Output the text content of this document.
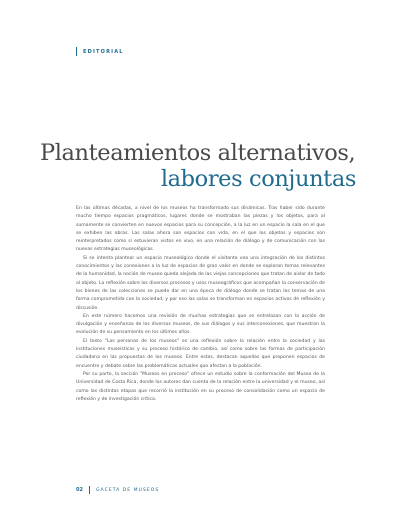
EDITORIAL
Planteamientos alternativos,
labores conjuntas

En las últimas décadas, a nivel de los museos ha transformado sus dinámicas. Tras haber sido durante mucho tiempo espacios pragmáticos, lugares donde se mostraban las piezas y los objetos, para al sumamente se convierten en nuevos espacios para su concepción, a la luz en un espacio la sala en el que se exhiben las obras. Las salas ahora son espacios con vida, en el que los objetos y espacios son reinterpretados como si estuvieran vistos en vivo, en una relación de diálogo y de comunicación con las nuevas estrategias museológicas.

Si se intenta plantear un espacio museológico donde el visitante vea una integración de los distintos conocimientos y las conexiones a la luz de espacios de gran valor en donde se exploran temas relevantes de la humanidad, la noción de museo queda alejada de las viejas concepciones que tratan de aislar de todo al objeto. La reflexión sobre los diversos procesos y usos museográficos que acompañan la conservación de los bienes de las colecciones se puede dar en una época de diálogo donde se tratan los temas de una forma comprometida con la sociedad, y por eso las salas se transforman en espacios activos de reflexión y discusión.

En este número hacemos una revisión de muchas estrategias que se entrelazan con la acción de divulgación y enseñanza de los diversos museos, de sus diálogos y sus interconexiones, que muestran la evolución de su pensamiento en los últimos años.

El texto "Las personas de los museos" es una reflexión sobre la relación entre la sociedad y las instituciones museísticas y su proceso histórico de cambio, así como sobre las formas de participación ciudadana en las propuestas de los museos. Entre estas, destacan aquellas que proponen espacios de encuentro y debate sobre las problemáticas actuales que afectan a la población.

Por su parte, la sección "Museos en proceso" ofrece un estudio sobre la conformación del Museo de la Universidad de Costa Rica, donde los autores dan cuenta de la relación entre la universidad y el museo, así como las distintas etapas que recorrió la institución en su proceso de consolidación como un espacio de reflexión y de investigación crítica.

02	GACETA DE MUSEOS
